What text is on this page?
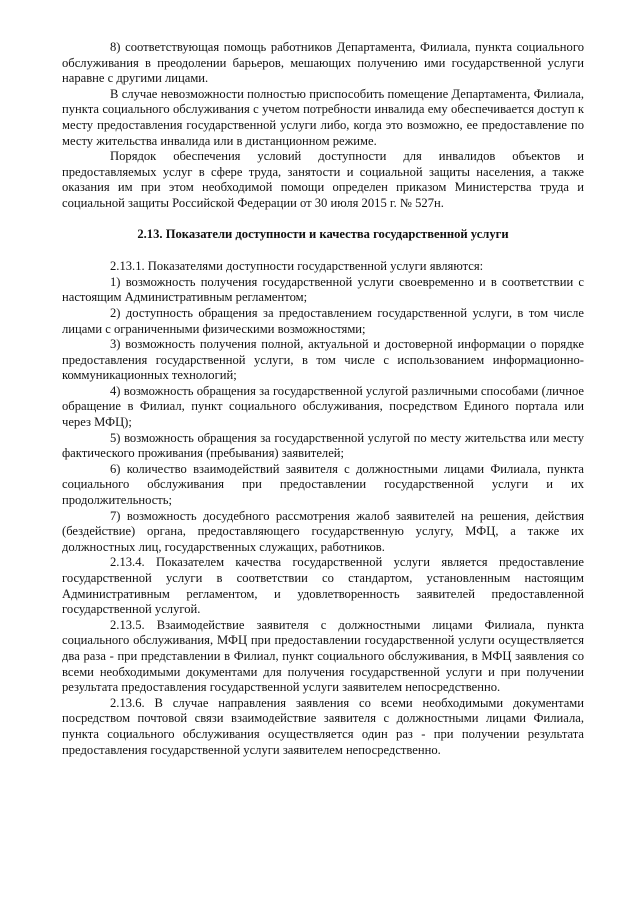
8) соответствующая помощь работников Департамента, Филиала, пункта социального обслуживания в преодолении барьеров, мешающих получению ими государственной услуги наравне с другими лицами.

В случае невозможности полностью приспособить помещение Департамента, Филиала, пункта социального обслуживания с учетом потребности инвалида ему обеспечивается доступ к месту предоставления государственной услуги либо, когда это возможно, ее предоставление по месту жительства инвалида или в дистанционном режиме.

Порядок обеспечения условий доступности для инвалидов объектов и предоставляемых услуг в сфере труда, занятости и социальной защиты населения, а также оказания им при этом необходимой помощи определен приказом Министерства труда и социальной защиты Российской Федерации от 30 июля 2015 г. № 527н.

2.13. Показатели доступности и качества государственной услуги

2.13.1. Показателями доступности государственной услуги являются:

1) возможность получения государственной услуги своевременно и в соответствии с настоящим Административным регламентом;

2) доступность обращения за предоставлением государственной услуги, в том числе лицами с ограниченными физическими возможностями;

3) возможность получения полной, актуальной и достоверной информации о порядке предоставления государственной услуги, в том числе с использованием информационно-коммуникационных технологий;

4) возможность обращения за государственной услугой различными способами (личное обращение в Филиал, пункт социального обслуживания, посредством Единого портала или через МФЦ);

5) возможность обращения за государственной услугой по месту жительства или месту фактического проживания (пребывания) заявителей;

6) количество взаимодействий заявителя с должностными лицами Филиала, пункта социального обслуживания при предоставлении государственной услуги и их продолжительность;

7) возможность досудебного рассмотрения жалоб заявителей на решения, действия (бездействие) органа, предоставляющего государственную услугу, МФЦ, а также их должностных лиц, государственных служащих, работников.

2.13.4. Показателем качества государственной услуги является предоставление государственной услуги в соответствии со стандартом, установленным настоящим Административным регламентом, и удовлетворенность заявителей предоставленной государственной услугой.

2.13.5. Взаимодействие заявителя с должностными лицами Филиала, пункта социального обслуживания, МФЦ при предоставлении государственной услуги осуществляется два раза - при представлении в Филиал, пункт социального обслуживания, в МФЦ заявления со всеми необходимыми документами для получения государственной услуги и при получении результата предоставления государственной услуги заявителем непосредственно.

2.13.6. В случае направления заявления со всеми необходимыми документами посредством почтовой связи взаимодействие заявителя с должностными лицами Филиала, пункта социального обслуживания осуществляется один раз - при получении результата предоставления государственной услуги заявителем непосредственно.
